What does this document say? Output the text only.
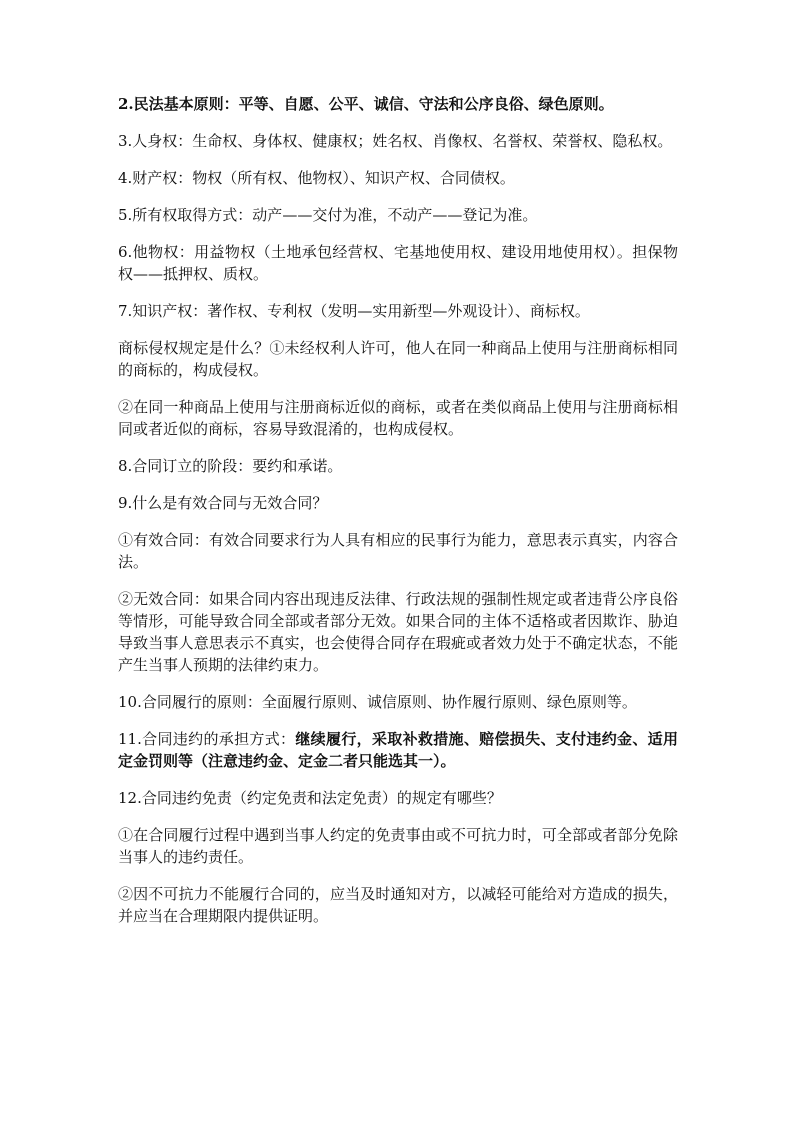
2.民法基本原则：平等、自愿、公平、诚信、守法和公序良俗、绿色原则。

3.人身权：生命权、身体权、健康权；姓名权、肖像权、名誉权、荣誉权、隐私权。

4.财产权：物权（所有权、他物权）、知识产权、合同债权。

5.所有权取得方式：动产——交付为准，不动产——登记为准。

6.他物权：用益物权（土地承包经营权、宅基地使用权、建设用地使用权）。担保物权——抵押权、质权。

7.知识产权：著作权、专利权（发明—实用新型—外观设计）、商标权。

商标侵权规定是什么？①未经权利人许可，他人在同一种商品上使用与注册商标相同的商标的，构成侵权。

②在同一种商品上使用与注册商标近似的商标，或者在类似商品上使用与注册商标相同或者近似的商标，容易导致混淆的，也构成侵权。

8.合同订立的阶段：要约和承诺。

9.什么是有效合同与无效合同？

①有效合同：有效合同要求行为人具有相应的民事行为能力，意思表示真实，内容合法。

②无效合同：如果合同内容出现违反法律、行政法规的强制性规定或者违背公序良俗等情形，可能导致合同全部或者部分无效。如果合同的主体不适格或者因欺诈、胁迫导致当事人意思表示不真实，也会使得合同存在瑕疵或者效力处于不确定状态，不能产生当事人预期的法律约束力。

10.合同履行的原则：全面履行原则、诚信原则、协作履行原则、绿色原则等。

11.合同违约的承担方式：继续履行，采取补救措施、赔偿损失、支付违约金、适用定金罚则等（注意违约金、定金二者只能选其一）。

12.合同违约免责（约定免责和法定免责）的规定有哪些？

①在合同履行过程中遇到当事人约定的免责事由或不可抗力时，可全部或者部分免除当事人的违约责任。

②因不可抗力不能履行合同的，应当及时通知对方，以减轻可能给对方造成的损失，并应当在合理期限内提供证明。
